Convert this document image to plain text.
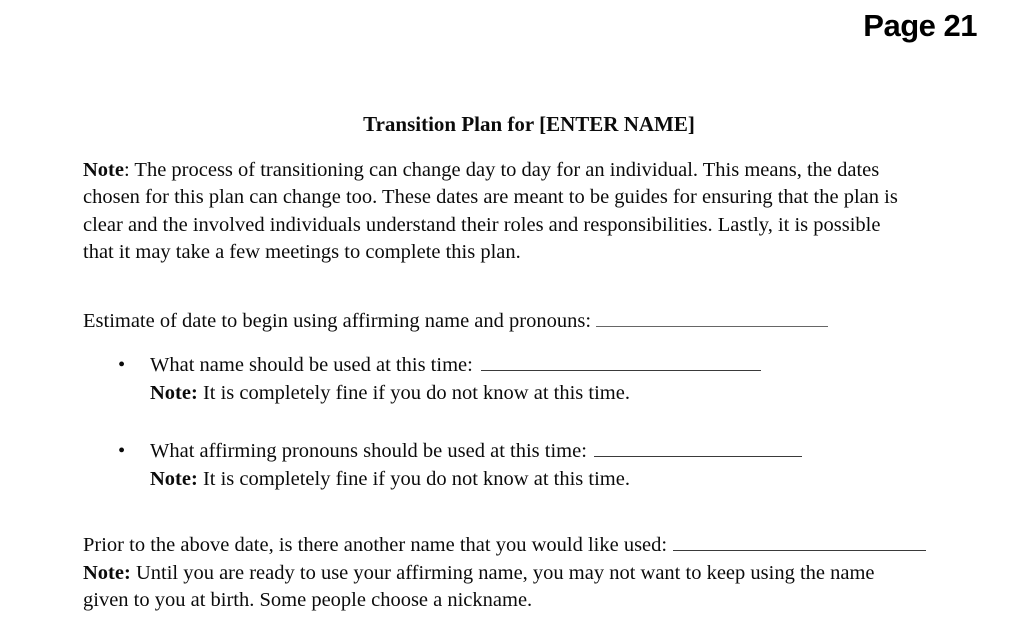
Page 21
Transition Plan for [ENTER NAME]
Note: The process of transitioning can change day to day for an individual. This means, the dates
chosen for this plan can change too. These dates are meant to be guides for ensuring that the plan is
clear and the involved individuals understand their roles and responsibilities. Lastly, it is possible
that it may take a few meetings to complete this plan.
Estimate of date to begin using affirming name and pronouns:
• What name should be used at this time:
Note: It is completely fine if you do not know at this time.
• What affirming pronouns should be used at this time:
Note: It is completely fine if you do not know at this time.
Prior to the above date, is there another name that you would like used:
Note: Until you are ready to use your affirming name, you may not want to keep using the name
given to you at birth. Some people choose a nickname.
